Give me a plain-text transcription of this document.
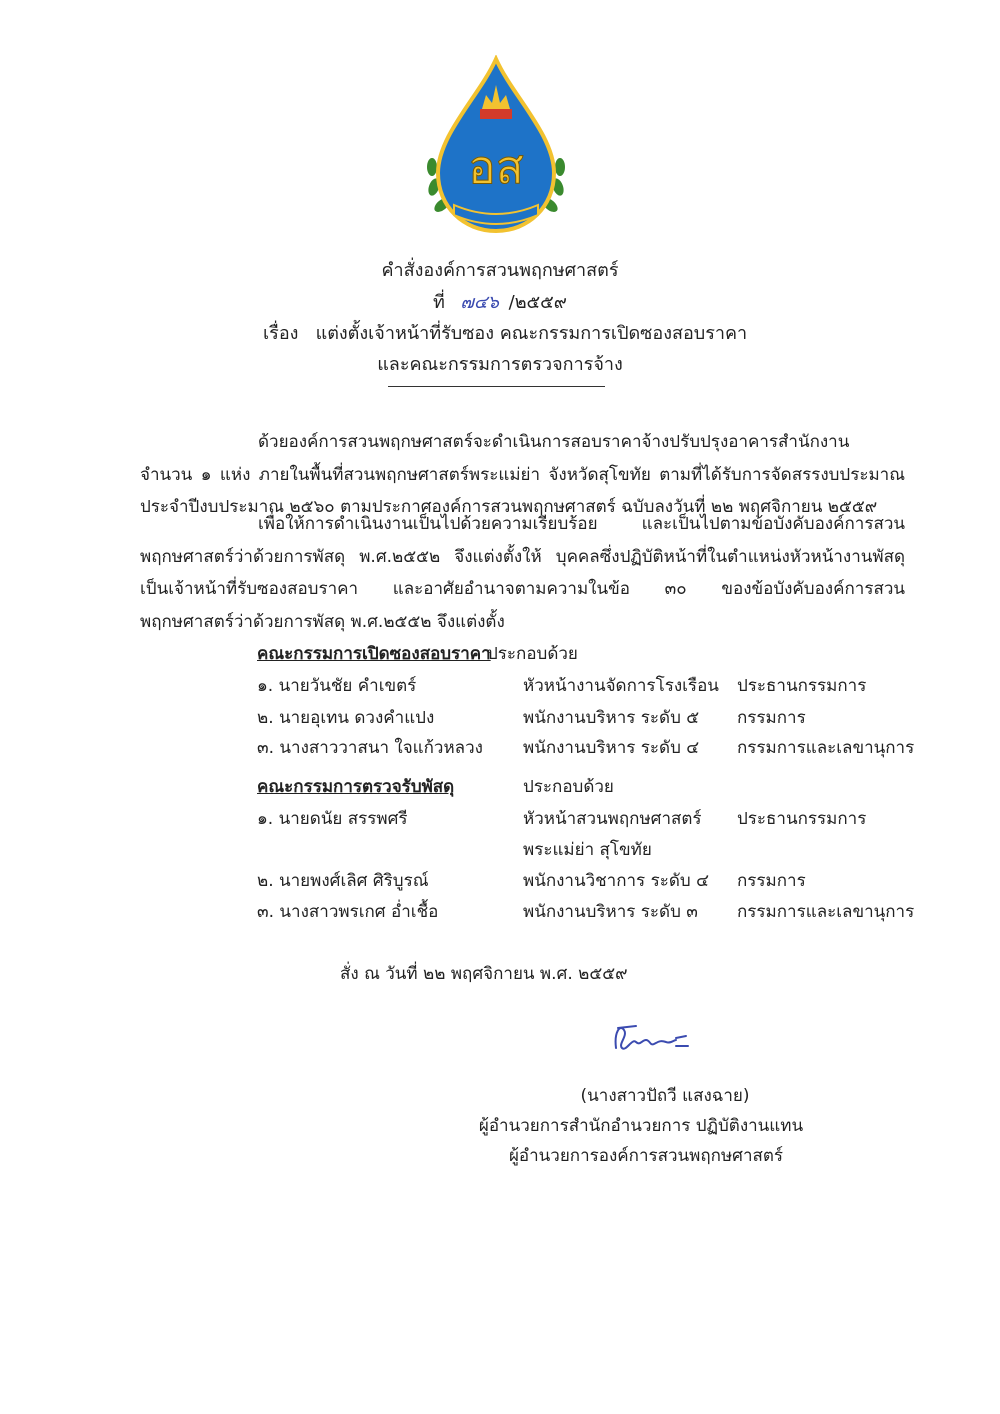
อส
คำสั่งองค์การสวนพฤกษศาสตร์
ที่ ๗๔๖ /๒๕๕๙
เรื่อง แต่งตั้งเจ้าหน้าที่รับซอง คณะกรรมการเปิดซองสอบราคา
และคณะกรรมการตรวจการจ้าง
ด้วยองค์การสวนพฤกษศาสตร์จะดำเนินการสอบราคาจ้างปรับปรุงอาคารสำนักงาน จำนวน ๑ แห่ง ภายในพื้นที่สวนพฤกษศาสตร์พระแม่ย่า จังหวัดสุโขทัย ตามที่ได้รับการจัดสรรงบประมาณประจำปีงบประมาณ ๒๕๖๐ ตามประกาศองค์การสวนพฤกษศาสตร์ ฉบับลงวันที่ ๒๒ พฤศจิกายน ๒๕๕๙
เพื่อให้การดำเนินงานเป็นไปด้วยความเรียบร้อย และเป็นไปตามข้อบังคับองค์การสวนพฤกษศาสตร์ว่าด้วยการพัสดุ พ.ศ.๒๕๕๒ จึงแต่งตั้งให้ บุคคลซึ่งปฏิบัติหน้าที่ในตำแหน่งหัวหน้างานพัสดุ เป็นเจ้าหน้าที่รับซองสอบราคา และอาศัยอำนาจตามความในข้อ ๓๐ ของข้อบังคับองค์การสวนพฤกษศาสตร์ว่าด้วยการพัสดุ พ.ศ.๒๕๕๒ จึงแต่งตั้ง
คณะกรรมการเปิดซองสอบราคา
ประกอบด้วย
๑. นายวันชัย คำเขตร์	หัวหน้างานจัดการโรงเรือน ประธานกรรมการ
๒. นายอุเทน ดวงคำแปง	พนักงานบริหาร ระดับ ๕ กรรมการ
๓. นางสาววาสนา ใจแก้วหลวง พนักงานบริหาร ระดับ ๔ กรรมการและเลขานุการ
คณะกรรมการตรวจรับพัสดุ	ประกอบด้วย
๑. นายดนัย สรรพศรี	หัวหน้าสวนพฤกษศาสตร์ ประธานกรรมการ
พระแม่ย่า สุโขทัย
๒. นายพงศ์เลิศ ศิริบูรณ์	พนักงานวิชาการ ระดับ ๔ กรรมการ
๓. นางสาวพรเกศ อ่ำเชื้อ	พนักงานบริหาร ระดับ ๓ กรรมการและเลขานุการ
สั่ง ณ วันที่ ๒๒ พฤศจิกายน พ.ศ. ๒๕๕๙
(นางสาวปัถวี แสงฉาย)
ผู้อำนวยการสำนักอำนวยการ ปฏิบัติงานแทน
ผู้อำนวยการองค์การสวนพฤกษศาสตร์
